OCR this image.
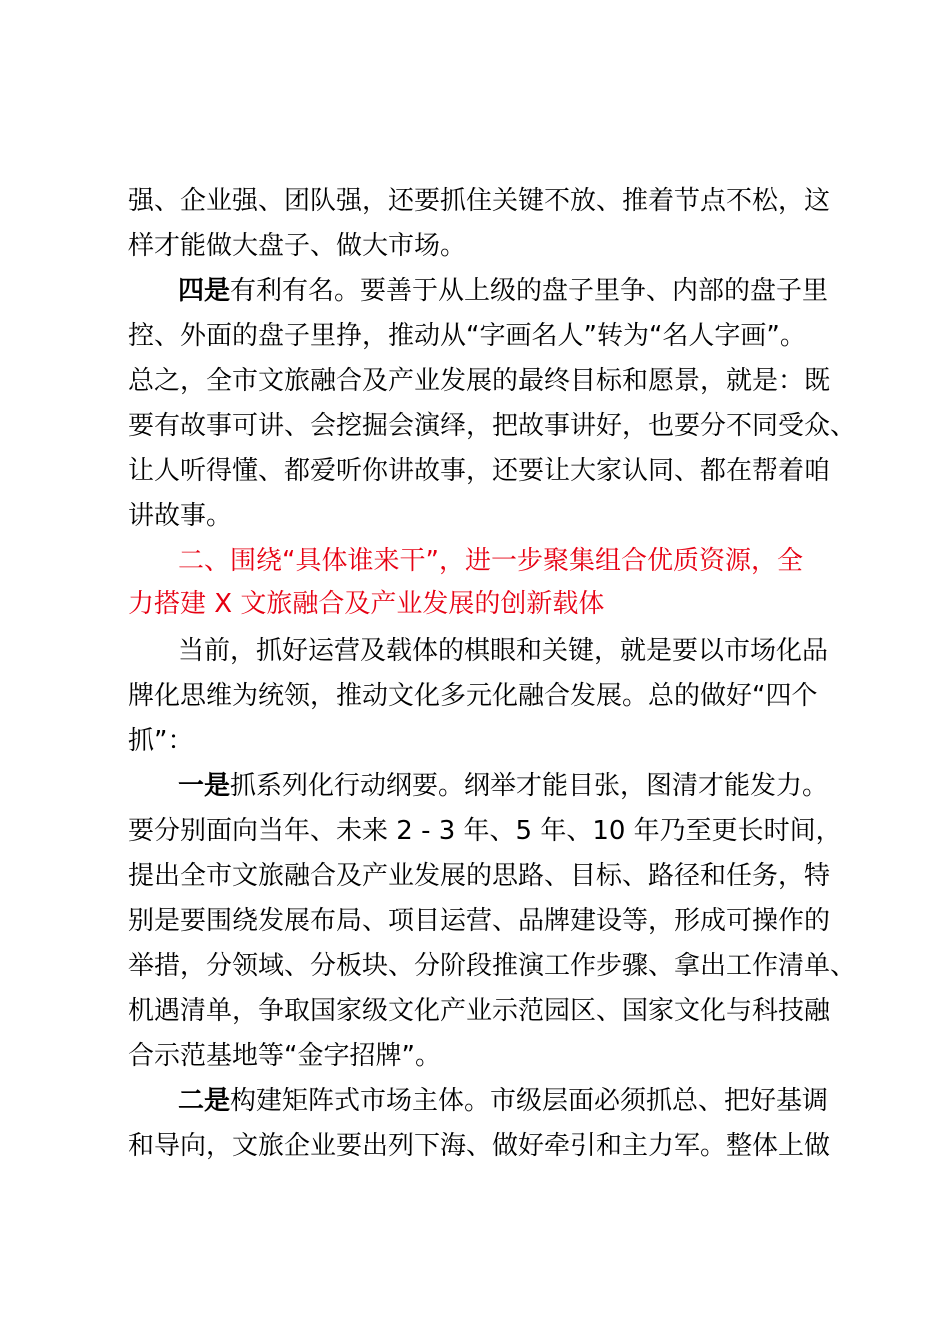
强、企业强、团队强，还要抓住关键不放、推着节点不松，这
样才能做大盘子、做大市场。
四是有利有名。要善于从上级的盘子里争、内部的盘子里
控、外面的盘子里挣，推动从“字画名人”转为“名人字画”。
总之，全市文旅融合及产业发展的最终目标和愿景，就是：既
要有故事可讲、会挖掘会演绎，把故事讲好，也要分不同受众、
让人听得懂、都爱听你讲故事，还要让大家认同、都在帮着咱
讲故事。
二、围绕“具体谁来干”，进一步聚集组合优质资源，全
力搭建 X 文旅融合及产业发展的创新载体
当前，抓好运营及载体的棋眼和关键，就是要以市场化品
牌化思维为统领，推动文化多元化融合发展。总的做好“四个
抓”：
一是抓系列化行动纲要。纲举才能目张，图清才能发力。
要分别面向当年、未来 2 - 3 年、5 年、10 年乃至更长时间，
提出全市文旅融合及产业发展的思路、目标、路径和任务，特
别是要围绕发展布局、项目运营、品牌建设等，形成可操作的
举措，分领域、分板块、分阶段推演工作步骤、拿出工作清单、
机遇清单，争取国家级文化产业示范园区、国家文化与科技融
合示范基地等“金字招牌”。
二是构建矩阵式市场主体。市级层面必须抓总、把好基调
和导向，文旅企业要出列下海、做好牵引和主力军。整体上做
